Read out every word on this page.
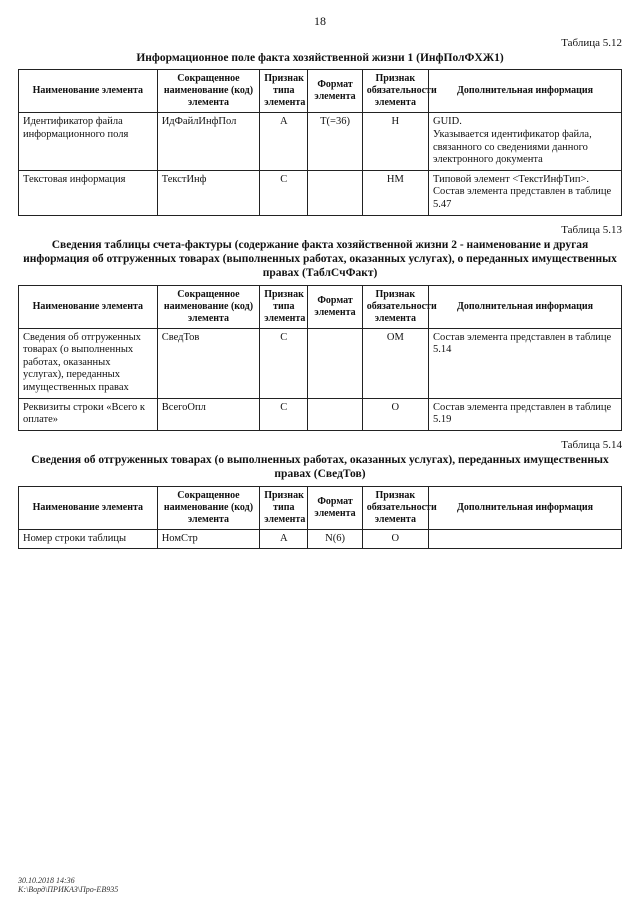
18
Таблица 5.12
Информационное поле факта хозяйственной жизни 1 (ИнфПолФХЖ1)
Наименование элемента	Сокращенное наименование (код) элемента	Признак типа элемента	Формат элемента	Признак обязательности элемента	Дополнительная информация
Идентификатор файла информационного поля	ИдФайлИнфПол	А	Т(=36)	Н	GUID.
Указывается идентификатор файла, связанного со сведениями данного электронного документа

Текстовая информация	ТекстИнф	С		НМ	Типовой элемент <ТекстИнфТип>.
Состав элемента представлен в таблице 5.47
Таблица 5.13
Сведения таблицы счета-фактуры (содержание факта хозяйственной жизни 2 - наименование и другая информация об отгруженных товарах (выполненных работах, оказанных услугах), о переданных имущественных правах (ТаблСчФакт)
Наименование элемента	Сокращенное наименование (код) элемента	Признак типа элемента	Формат элемента	Признак обязательности элемента	Дополнительная информация
Сведения об отгруженных товарах (о выполненных работах, оказанных услугах), переданных имущественных правах	СведТов	С		ОМ	Состав элемента представлен в таблице 5.14
Реквизиты строки «Всего к оплате»	ВсегоОпл	С		О	Состав элемента представлен в таблице 5.19
Таблица 5.14
Сведения об отгруженных товарах (о выполненных работах, оказанных услугах), переданных имущественных правах (СведТов)
Наименование элемента	Сокращенное наименование (код) элемента	Признак типа элемента	Формат элемента	Признак обязательности элемента	Дополнительная информация
Номер строки таблицы	НомСтр	А	N(6)	О	
30.10.2018 14:36
K:\Ворд\ПРИКАЗ\Про-ЕВ935
